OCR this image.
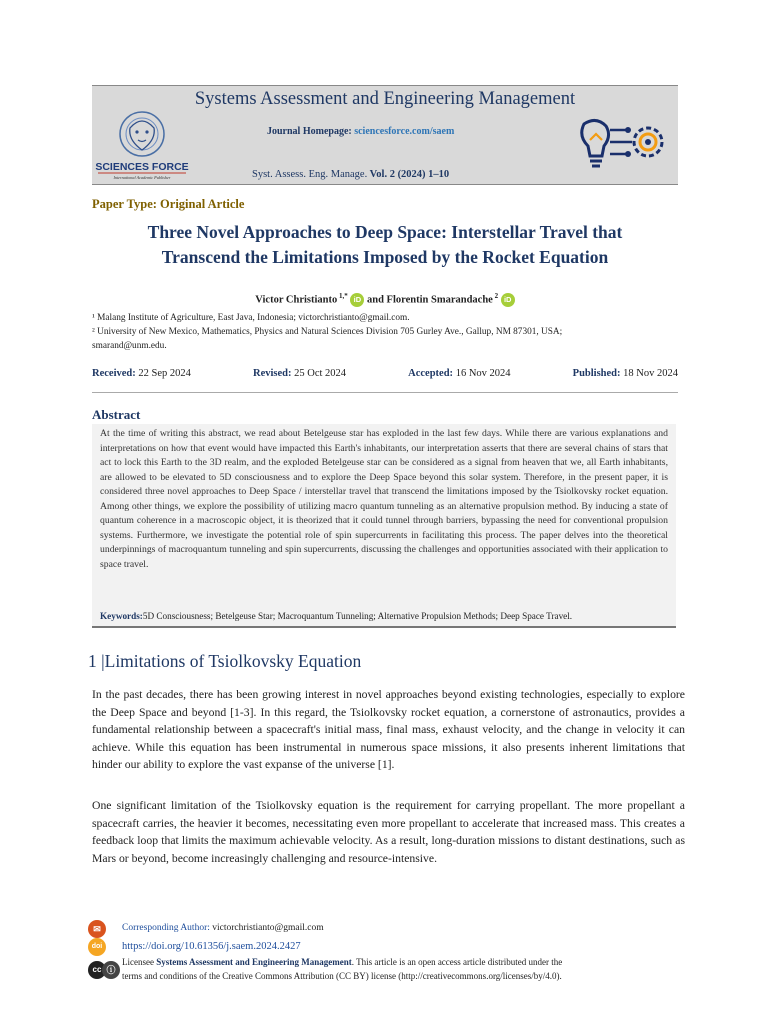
Systems Assessment and Engineering Management
SCIENCES FORCE
International Academic Publisher
Journal Homepage: sciencesforce.com/saem
Syst. Assess. Eng. Manage. Vol. 2 (2024) 1–10
Paper Type: Original Article
Three Novel Approaches to Deep Space: Interstellar Travel that
Transcend the Limitations Imposed by the Rocket Equation
Victor Christianto $^{1,*}$ iD and Florentin Smarandache $^2$ iD

¹ Malang Institute of Agriculture, East Java, Indonesia; victorchristianto@gmail.com.

² University of New Mexico, Mathematics, Physics and Natural Sciences Division 705 Gurley Ave., Gallup, NM 87301, USA;

smarand@unm.edu.

Received: 22 Sep 2024	Revised: 25 Oct 2024	Accepted: 16 Nov 2024	Published: 18 Nov 2024
Abstract
At the time of writing this abstract, we read about Betelgeuse star has exploded in the last few days. While there are various explanations and interpretations on how that event would have impacted this Earth's inhabitants, our interpretation asserts that there are several chains of stars that act to lock this Earth to the 3D realm, and the exploded Betelgeuse star can be considered as a signal from heaven that we, all Earth inhabitants, are allowed to be elevated to 5D consciousness and to explore the Deep Space beyond this solar system. Therefore, in the present paper, it is considered three novel approaches to Deep Space / interstellar travel that transcend the limitations imposed by the Tsiolkovsky rocket equation. Among other things, we explore the possibility of utilizing macro quantum tunneling as an alternative propulsion method. By inducing a state of quantum coherence in a macroscopic object, it is theorized that it could tunnel through barriers, bypassing the need for conventional propulsion systems. Furthermore, we investigate the potential role of spin supercurrents in facilitating this process. The paper delves into the theoretical underpinnings of macroquantum tunneling and spin supercurrents, discussing the challenges and opportunities associated with their application to space travel.
Keywords:5D Consciousness; Betelgeuse Star; Macroquantum Tunneling; Alternative Propulsion Methods; Deep Space Travel.
1 |Limitations of Tsiolkovsky Equation
In the past decades, there has been growing interest in novel approaches beyond existing technologies, especially to explore the Deep Space and beyond [1-3]. In this regard, the Tsiolkovsky rocket equation, a cornerstone of astronautics, provides a fundamental relationship between a spacecraft's initial mass, final mass, exhaust velocity, and the change in velocity it can achieve. While this equation has been instrumental in numerous space missions, it also presents inherent limitations that hinder our ability to explore the vast expanse of the universe [1].
One significant limitation of the Tsiolkovsky equation is the requirement for carrying propellant. The more propellant a spacecraft carries, the heavier it becomes, necessitating even more propellant to accelerate that increased mass. This creates a feedback loop that limits the maximum achievable velocity. As a result, long-duration missions to distant destinations, such as Mars or beyond, become increasingly challenging and resource-intensive.
✉	Corresponding Author: victorchristianto@gmail.com
doi	https://doi.org/10.61356/j.saem.2024.2427
cc ⓘ
Licensee Systems Assessment and Engineering Management. This article is an open access article distributed under the
terms and conditions of the Creative Commons Attribution (CC BY) license (http://creativecommons.org/licenses/by/4.0).
